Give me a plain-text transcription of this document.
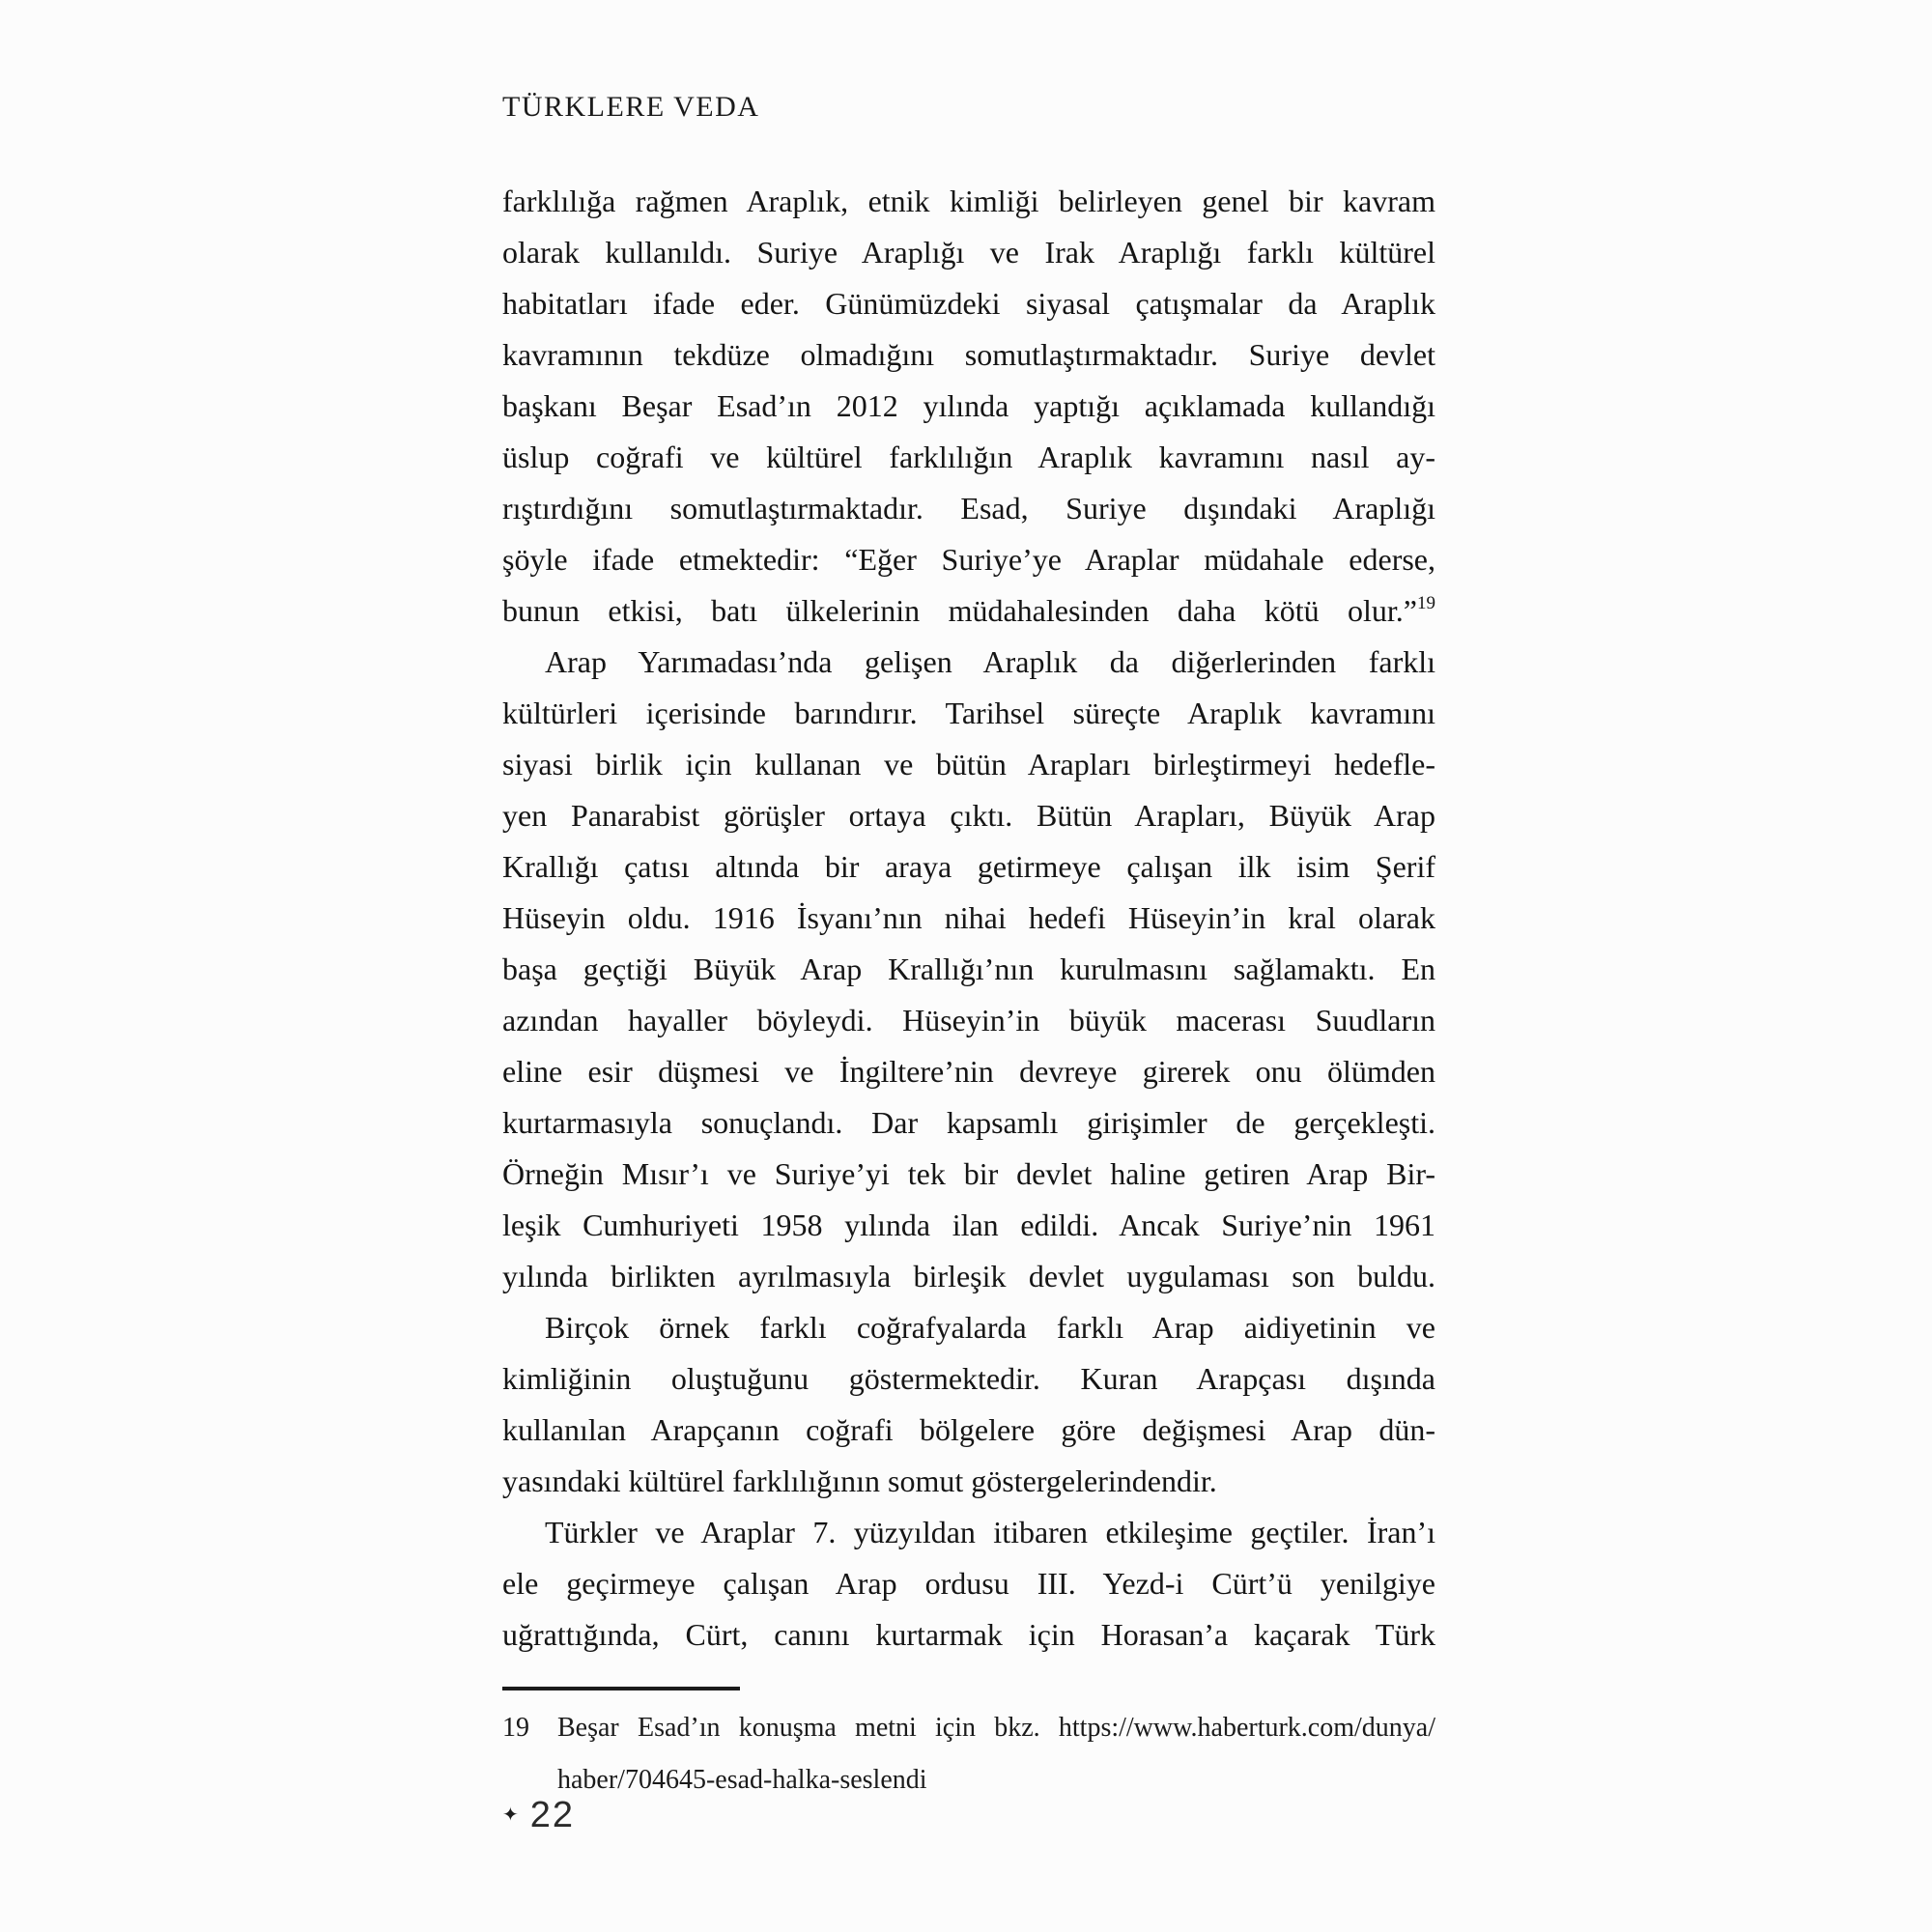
TÜRKLERE VEDA
farklılığa rağmen Araplık, etnik kimliği belirleyen genel bir kavram
olarak kullanıldı. Suriye Araplığı ve Irak Araplığı farklı kültürel
habitatları ifade eder. Günümüzdeki siyasal çatışmalar da Araplık
kavramının tekdüze olmadığını somutlaştırmaktadır. Suriye devlet
başkanı Beşar Esad’ın 2012 yılında yaptığı açıklamada kullandığı
üslup coğrafi ve kültürel farklılığın Araplık kavramını nasıl ay-
rıştırdığını somutlaştırmaktadır. Esad, Suriye dışındaki Araplığı
şöyle ifade etmektedir: “Eğer Suriye’ye Araplar müdahale ederse,
bunun etkisi, batı ülkelerinin müdahalesinden daha kötü olur.”$^{19}$
Arap Yarımadası’nda gelişen Araplık da diğerlerinden farklı
kültürleri içerisinde barındırır. Tarihsel süreçte Araplık kavramını
siyasi birlik için kullanan ve bütün Arapları birleştirmeyi hedefle-
yen Panarabist görüşler ortaya çıktı. Bütün Arapları, Büyük Arap
Krallığı çatısı altında bir araya getirmeye çalışan ilk isim Şerif
Hüseyin oldu. 1916 İsyanı’nın nihai hedefi Hüseyin’in kral olarak
başa geçtiği Büyük Arap Krallığı’nın kurulmasını sağlamaktı. En
azından hayaller böyleydi. Hüseyin’in büyük macerası Suudların
eline esir düşmesi ve İngiltere’nin devreye girerek onu ölümden
kurtarmasıyla sonuçlandı. Dar kapsamlı girişimler de gerçekleşti.
Örneğin Mısır’ı ve Suriye’yi tek bir devlet haline getiren Arap Bir-
leşik Cumhuriyeti 1958 yılında ilan edildi. Ancak Suriye’nin 1961
yılında birlikten ayrılmasıyla birleşik devlet uygulaması son buldu.
Birçok örnek farklı coğrafyalarda farklı Arap aidiyetinin ve
kimliğinin oluştuğunu göstermektedir. Kuran Arapçası dışında
kullanılan Arapçanın coğrafi bölgelere göre değişmesi Arap dün-
yasındaki kültürel farklılığının somut göstergelerindendir.
Türkler ve Araplar 7. yüzyıldan itibaren etkileşime geçtiler. İran’ı
ele geçirmeye çalışan Arap ordusu III. Yezd-i Cürt’ü yenilgiye
uğrattığında, Cürt, canını kurtarmak için Horasan’a kaçarak Türk
19 Beşar Esad’ın konuşma metni için bkz. https://www.haberturk.com/dunya/
haber/704645-esad-halka-seslendi
✦ 22
